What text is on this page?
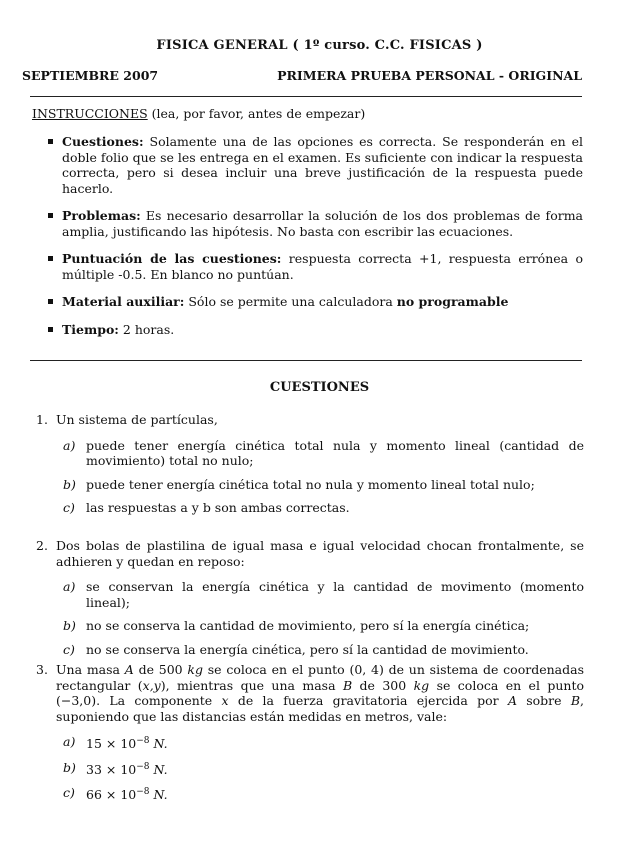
FISICA GENERAL ( 1º curso. C.C. FISICAS )
SEPTIEMBRE 2007	PRIMERA PRUEBA PERSONAL - ORIGINAL
INSTRUCCIONES (lea, por favor, antes de empezar)
Cuestiones: Solamente una de las opciones es correcta. Se responderán en el doble folio que se les entrega en el examen. Es suficiente con indicar la respuesta correcta, pero si desea incluir una breve justificación de la respuesta puede hacerlo.
Problemas: Es necesario desarrollar la solución de los dos problemas de forma amplia, justificando las hipótesis. No basta con escribir las ecuaciones.
Puntuación de las cuestiones: respuesta correcta +1, respuesta errónea o múltiple -0.5. En blanco no puntúan.
Material auxiliar: Sólo se permite una calculadora no programable
Tiempo: 2 horas.
CUESTIONES
1. Un sistema de partículas,
a) puede tener energía cinética total nula y momento lineal (cantidad de movimiento) total no nulo;
b) puede tener energía cinética total no nula y momento lineal total nulo;
c) las respuestas a y b son ambas correctas.
2. Dos bolas de plastilina de igual masa e igual velocidad chocan frontalmente, se adhieren y quedan en reposo:
a) se conservan la energía cinética y la cantidad de movimento (momento lineal);
b) no se conserva la cantidad de movimiento, pero sí la energía cinética;
c) no se conserva la energía cinética, pero sí la cantidad de movimiento.
3. Una masa A de 500 kg se coloca en el punto (0, 4) de un sistema de coordenadas rectangular (x,y), mientras que una masa B de 300 kg se coloca en el punto (−3,0). La componente x de la fuerza gravitatoria ejercida por A sobre B, suponiendo que las distancias están medidas en metros, vale:
a) $15 \times 10^{-8}$ N.
b) $33 \times 10^{-8}$ N.
c) $66 \times 10^{-8}$ N.
